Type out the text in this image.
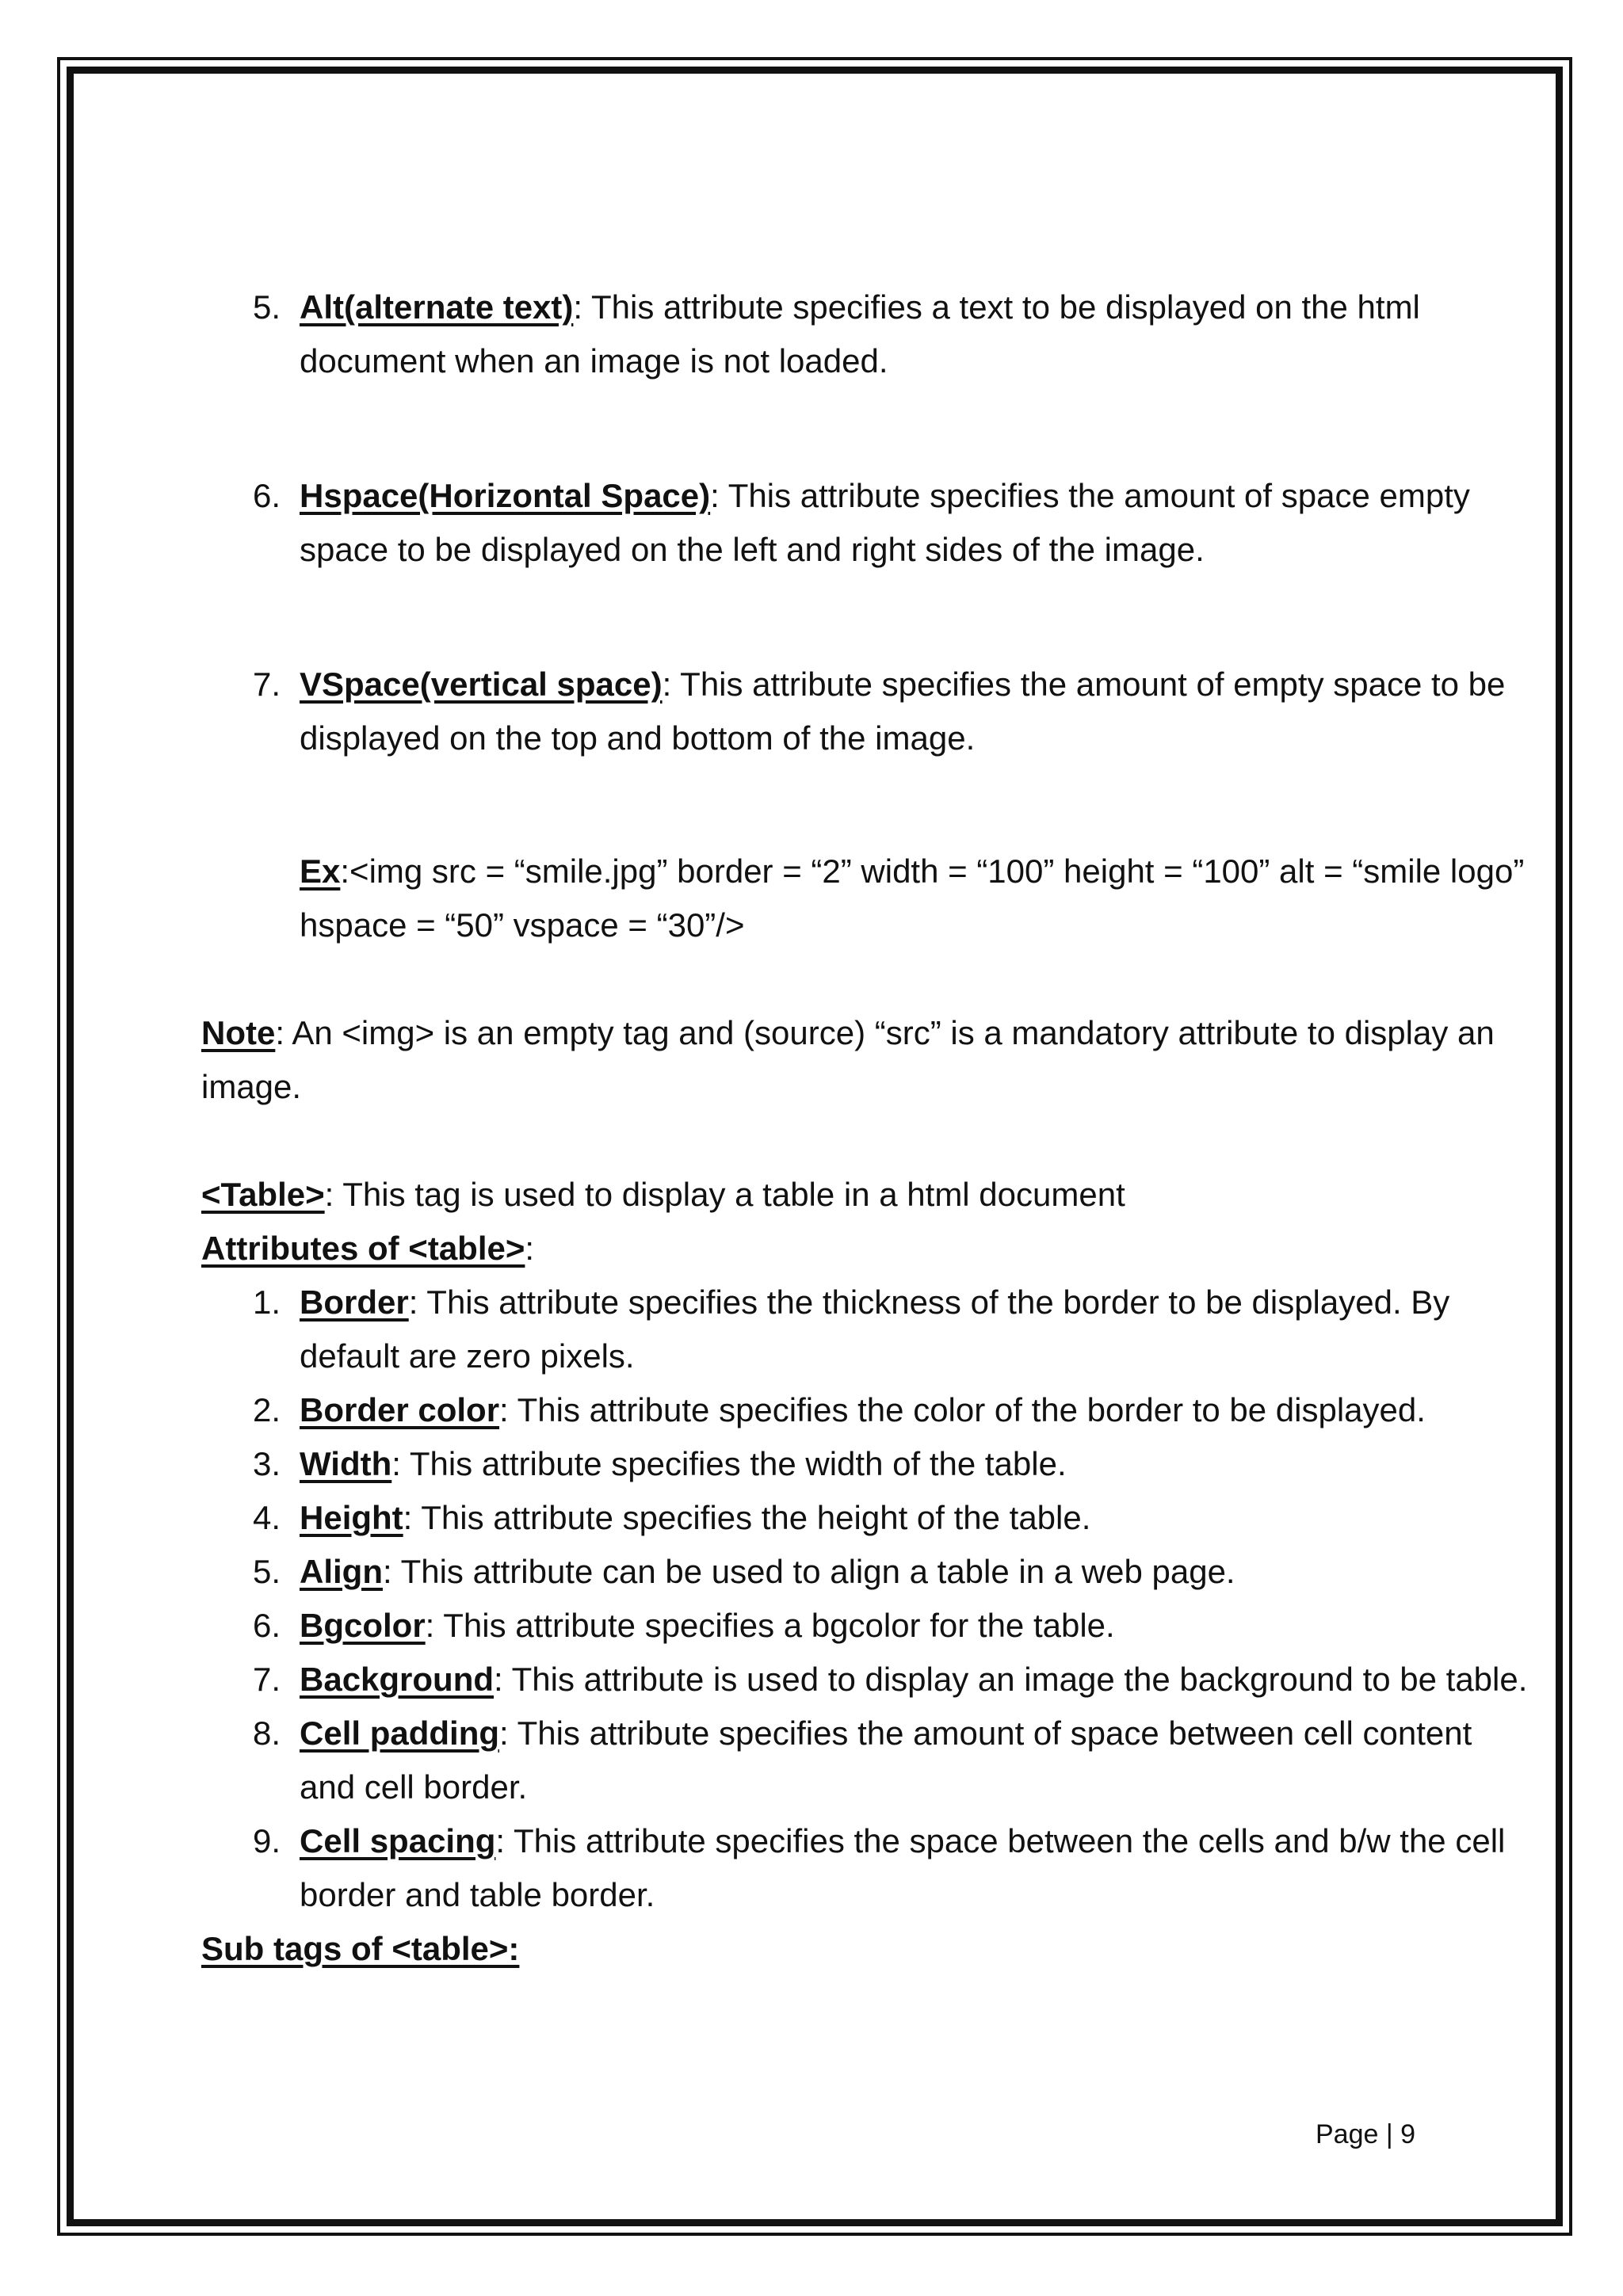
5. Alt(alternate text): This attribute specifies a text to be displayed on the html document when an image is not loaded.

6. Hspace(Horizontal Space): This attribute specifies the amount of space empty space to be displayed on the left and right sides of the image.

7. VSpace(vertical space): This attribute specifies the amount of empty space to be displayed on the top and bottom of the image.

Ex:<img src = “smile.jpg” border = “2” width = “100” height = “100” alt = “smile logo” hspace = “50” vspace = “30”/>

Note: An <img> is an empty tag and (source) “src” is a mandatory attribute to display an image.

<Table>: This tag is used to display a table in a html document

Attributes of <table>:

1. Border: This attribute specifies the thickness of the border to be displayed. By default are zero pixels.

2. Border color: This attribute specifies the color of the border to be displayed.

3. Width: This attribute specifies the width of the table.

4. Height: This attribute specifies the height of the table.

5. Align: This attribute can be used to align a table in a web page.

6. Bgcolor: This attribute specifies a bgcolor for the table.

7. Background: This attribute is used to display an image the background to be table.

8. Cell padding: This attribute specifies the amount of space between cell content and cell border.

9. Cell spacing: This attribute specifies the space between the cells and b/w the cell border and table border.

Sub tags of <table>:

Page | 9
